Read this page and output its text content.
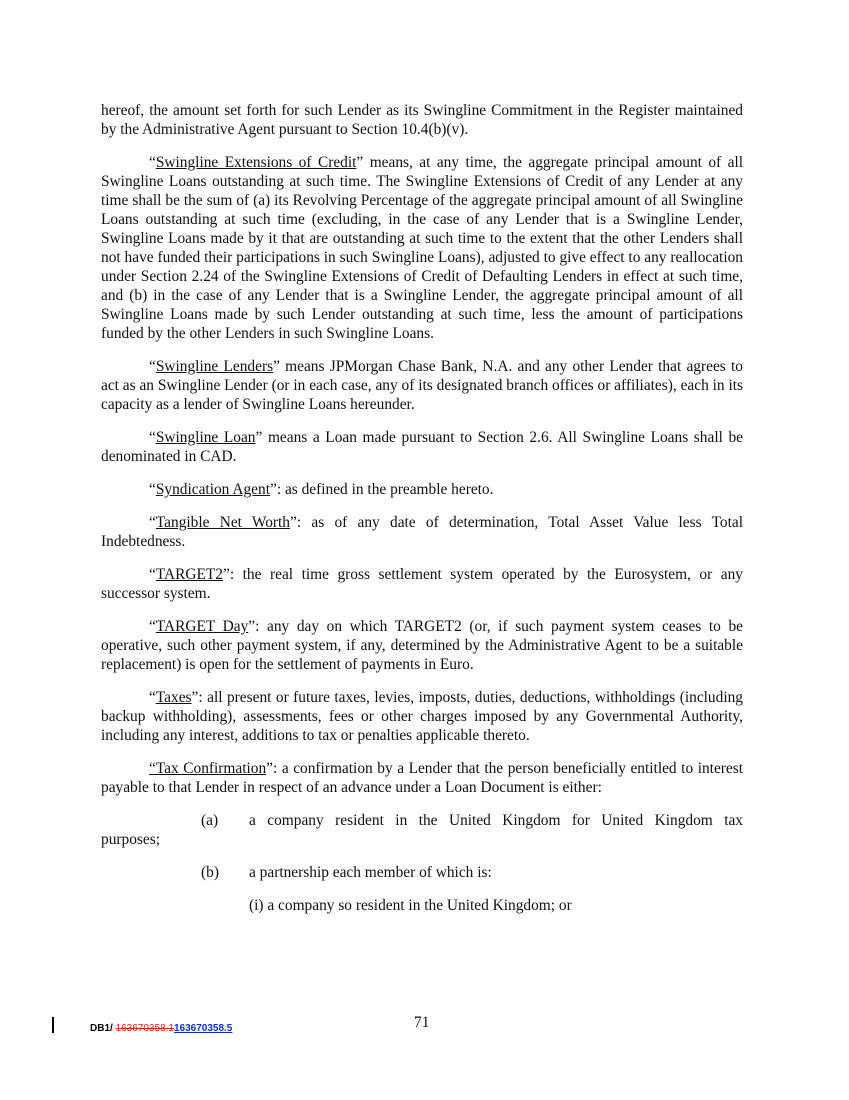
hereof, the amount set forth for such Lender as its Swingline Commitment in the Register maintained by the Administrative Agent pursuant to Section 10.4(b)(v).

“Swingline Extensions of Credit” means, at any time, the aggregate principal amount of all Swingline Loans outstanding at such time. The Swingline Extensions of Credit of any Lender at any time shall be the sum of (a) its Revolving Percentage of the aggregate principal amount of all Swingline Loans outstanding at such time (excluding, in the case of any Lender that is a Swingline Lender, Swingline Loans made by it that are outstanding at such time to the extent that the other Lenders shall not have funded their participations in such Swingline Loans), adjusted to give effect to any reallocation under Section 2.24 of the Swingline Extensions of Credit of Defaulting Lenders in effect at such time, and (b) in the case of any Lender that is a Swingline Lender, the aggregate principal amount of all Swingline Loans made by such Lender outstanding at such time, less the amount of participations funded by the other Lenders in such Swingline Loans.

“Swingline Lenders” means JPMorgan Chase Bank, N.A. and any other Lender that agrees to act as an Swingline Lender (or in each case, any of its designated branch offices or affiliates), each in its capacity as a lender of Swingline Loans hereunder.

“Swingline Loan” means a Loan made pursuant to Section 2.6. All Swingline Loans shall be denominated in CAD.

“Syndication Agent”: as defined in the preamble hereto.

“Tangible Net Worth”: as of any date of determination, Total Asset Value less Total Indebtedness.

“TARGET2”: the real time gross settlement system operated by the Eurosystem, or any successor system.

“TARGET Day”: any day on which TARGET2 (or, if such payment system ceases to be operative, such other payment system, if any, determined by the Administrative Agent to be a suitable replacement) is open for the settlement of payments in Euro.

“Taxes”: all present or future taxes, levies, imposts, duties, deductions, withholdings (including backup withholding), assessments, fees or other charges imposed by any Governmental Authority, including any interest, additions to tax or penalties applicable thereto.

“Tax Confirmation”: a confirmation by a Lender that the person beneficially entitled to interest payable to that Lender in respect of an advance under a Loan Document is either:

(a) a company resident in the United Kingdom for United Kingdom tax
purposes;
(b) a partnership each member of which is:
(i) a company so resident in the United Kingdom; or
DB1/ 163670358.1163670358.5	71
